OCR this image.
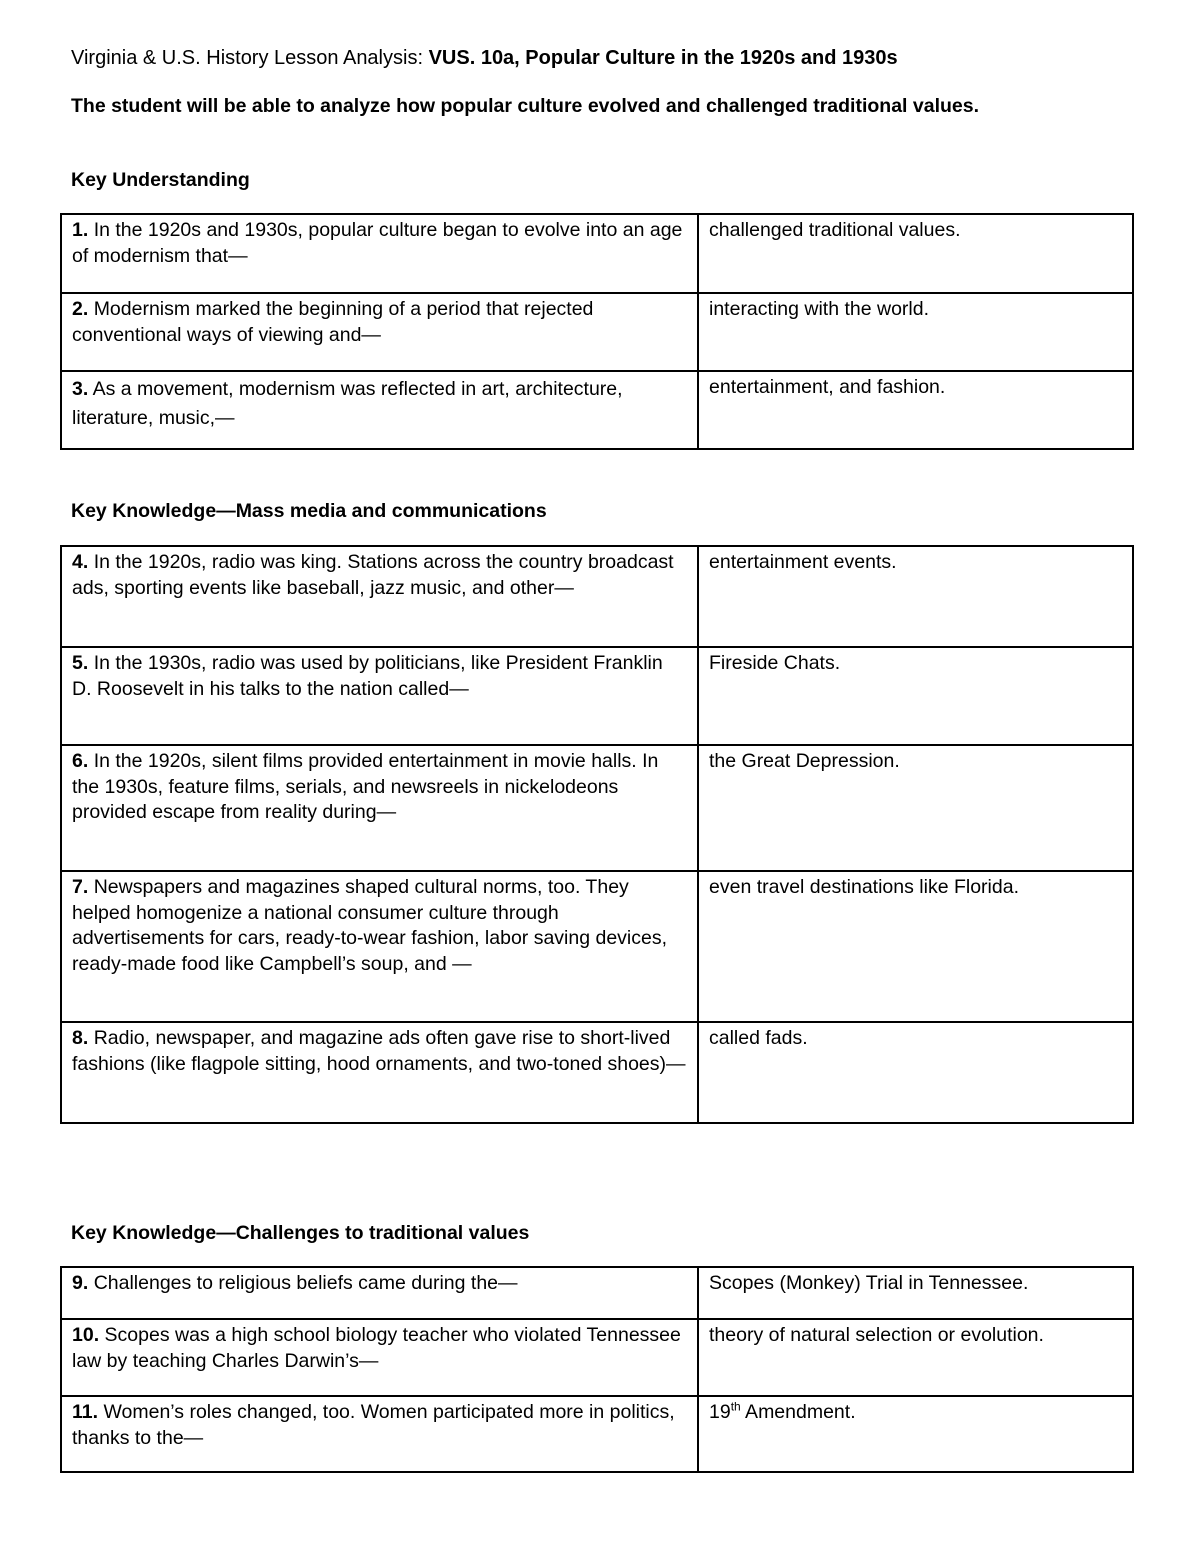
Virginia & U.S. History Lesson Analysis: VUS. 10a, Popular Culture in the 1920s and 1930s
The student will be able to analyze how popular culture evolved and challenged traditional values.
Key Understanding
1. In the 1920s and 1930s, popular culture began to evolve into an age of modernism that—	challenged traditional values.
2. Modernism marked the beginning of a period that rejected conventional ways of viewing and—	interacting with the world.
3. As a movement, modernism was reflected in art, architecture, literature, music,—	entertainment, and fashion.
Key Knowledge—Mass media and communications
4. In the 1920s, radio was king. Stations across the country broadcast ads, sporting events like baseball, jazz music, and other—	entertainment events.
5. In the 1930s, radio was used by politicians, like President Franklin D. Roosevelt in his talks to the nation called—	Fireside Chats.
6. In the 1920s, silent films provided entertainment in movie halls. In the 1930s, feature films, serials, and newsreels in nickelodeons provided escape from reality during—	the Great Depression.
7. Newspapers and magazines shaped cultural norms, too. They helped homogenize a national consumer culture through advertisements for cars, ready-to-wear fashion, labor saving devices, ready-made food like Campbell’s soup, and —	even travel destinations like Florida.
8. Radio, newspaper, and magazine ads often gave rise to short-lived fashions (like flagpole sitting, hood ornaments, and two-toned shoes)—	called fads.
Key Knowledge—Challenges to traditional values
9. Challenges to religious beliefs came during the—	Scopes (Monkey) Trial in Tennessee.
10. Scopes was a high school biology teacher who violated Tennessee law by teaching Charles Darwin’s—	theory of natural selection or evolution.
11. Women’s roles changed, too. Women participated more in politics, thanks to the—	19th Amendment.
